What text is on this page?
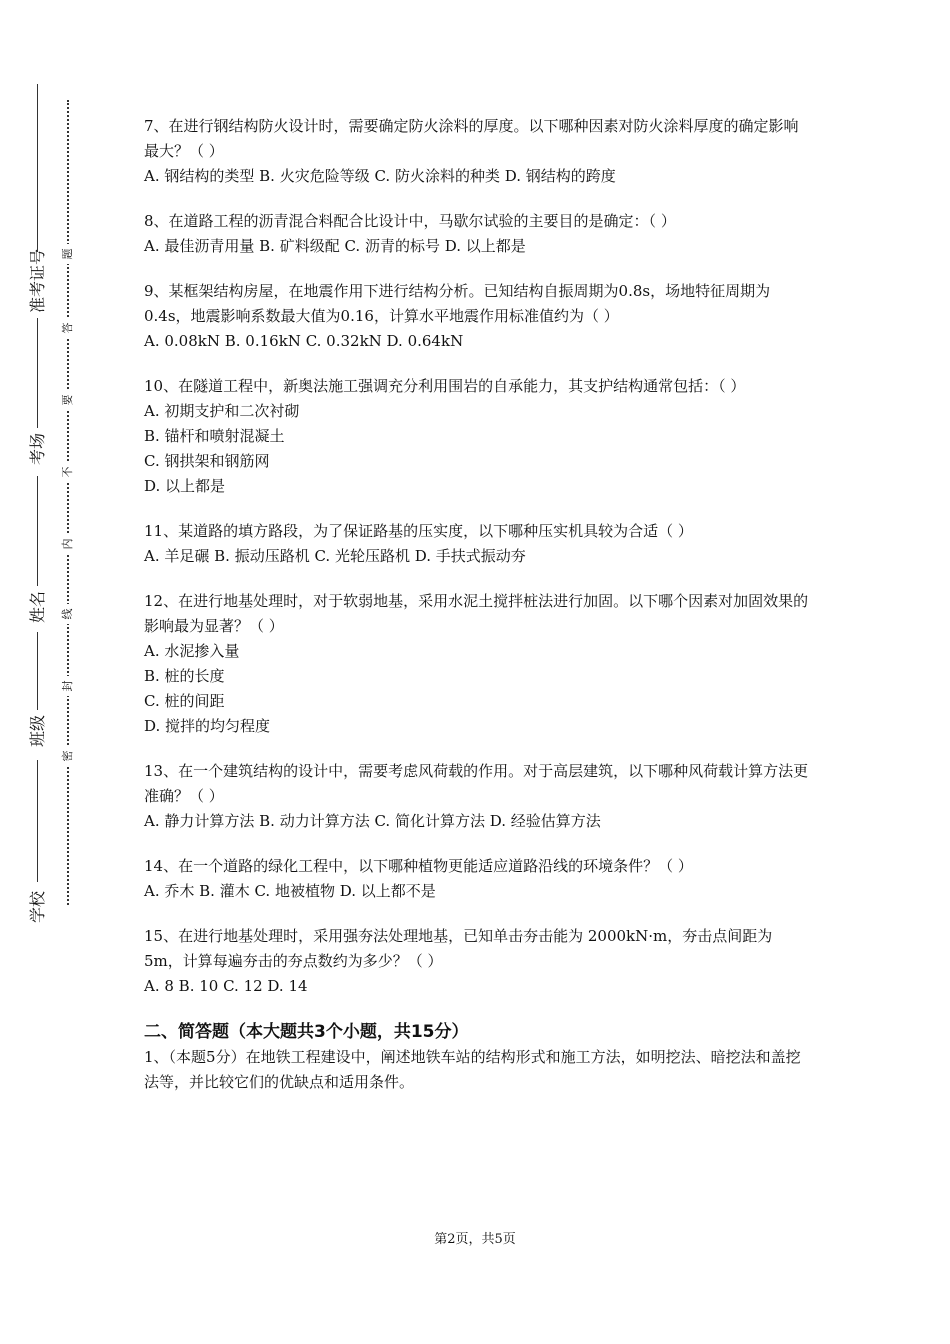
准考证号
考场
姓名
班级
学校
题
答
要
不
内
线
封
密

7、在进行钢结构防火设计时，需要确定防火涂料的厚度。以下哪种因素对防火涂料厚度的确定影响最大？（ ）

A. 钢结构的类型 B. 火灾危险等级 C. 防火涂料的种类 D. 钢结构的跨度

8、在道路工程的沥青混合料配合比设计中，马歇尔试验的主要目的是确定：（ ）

A. 最佳沥青用量 B. 矿料级配 C. 沥青的标号 D. 以上都是

9、某框架结构房屋，在地震作用下进行结构分析。已知结构自振周期为0.8s，场地特征周期为0.4s，地震影响系数最大值为0.16，计算水平地震作用标准值约为（ ）

A. 0.08kN B. 0.16kN C. 0.32kN D. 0.64kN

10、在隧道工程中，新奥法施工强调充分利用围岩的自承能力，其支护结构通常包括：（ ）

A. 初期支护和二次衬砌

B. 锚杆和喷射混凝土

C. 钢拱架和钢筋网

D. 以上都是

11、某道路的填方路段，为了保证路基的压实度，以下哪种压实机具较为合适（ ）

A. 羊足碾 B. 振动压路机 C. 光轮压路机 D. 手扶式振动夯

12、在进行地基处理时，对于软弱地基，采用水泥土搅拌桩法进行加固。以下哪个因素对加固效果的影响最为显著？（ ）

A. 水泥掺入量

B. 桩的长度

C. 桩的间距

D. 搅拌的均匀程度

13、在一个建筑结构的设计中，需要考虑风荷载的作用。对于高层建筑，以下哪种风荷载计算方法更准确？（ ）

A. 静力计算方法 B. 动力计算方法 C. 简化计算方法 D. 经验估算方法

14、在一个道路的绿化工程中，以下哪种植物更能适应道路沿线的环境条件？（ ）

A. 乔木 B. 灌木 C. 地被植物 D. 以上都不是

15、在进行地基处理时，采用强夯法处理地基，已知单击夯击能为 2000kN·m，夯击点间距为 5m，计算每遍夯击的夯点数约为多少？（ ）

A. 8 B. 10 C. 12 D. 14

二、简答题（本大题共3个小题，共15分）

1、（本题5分）在地铁工程建设中，阐述地铁车站的结构形式和施工方法，如明挖法、暗挖法和盖挖法等，并比较它们的优缺点和适用条件。

第2页，共5页
